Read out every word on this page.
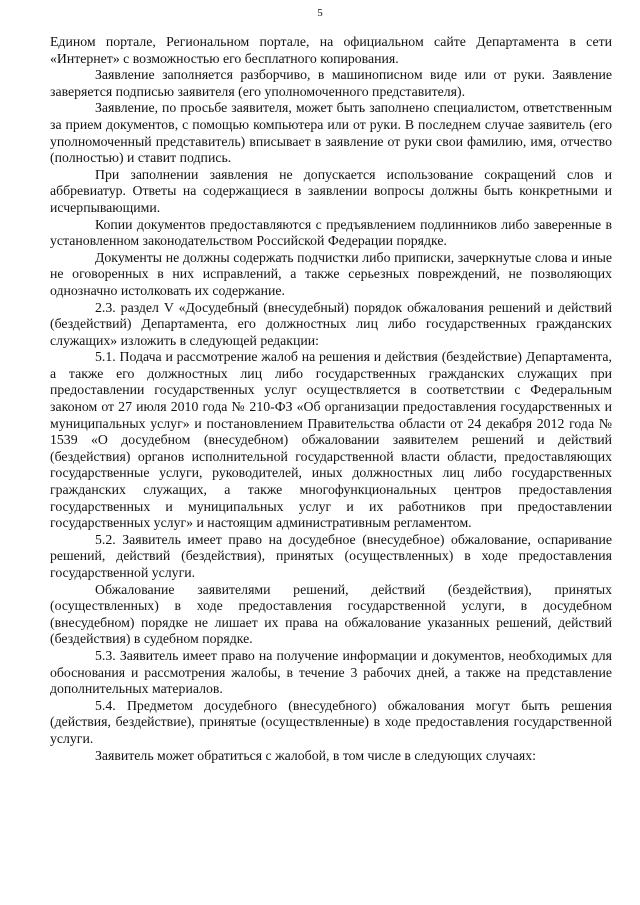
5

Едином портале, Региональном портале, на официальном сайте Департамента в сети «Интернет» с возможностью его бесплатного копирования.

Заявление заполняется разборчиво, в машинописном виде или от руки. Заявление заверяется подписью заявителя (его уполномоченного представителя).

Заявление, по просьбе заявителя, может быть заполнено специалистом, ответственным за прием документов, с помощью компьютера или от руки. В последнем случае заявитель (его уполномоченный представитель) вписывает в заявление от руки свои фамилию, имя, отчество (полностью) и ставит подпись.

При заполнении заявления не допускается использование сокращений слов и аббревиатур. Ответы на содержащиеся в заявлении вопросы должны быть конкретными и исчерпывающими.

Копии документов предоставляются с предъявлением подлинников либо заверенные в установленном законодательством Российской Федерации порядке.

Документы не должны содержать подчистки либо приписки, зачеркнутые слова и иные не оговоренных в них исправлений, а также серьезных повреждений, не позволяющих однозначно истолковать их содержание.

2.3. раздел V «Досудебный (внесудебный) порядок обжалования решений и действий (бездействий) Департамента, его должностных лиц либо государственных гражданских служащих» изложить в следующей редакции:

5.1. Подача и рассмотрение жалоб на решения и действия (бездействие) Департамента, а также его должностных лиц либо государственных гражданских служащих при предоставлении государственных услуг осуществляется в соответствии с Федеральным законом от 27 июля 2010 года № 210-ФЗ «Об организации предоставления государственных и муниципальных услуг» и постановлением Правительства области от 24 декабря 2012 года № 1539 «О досудебном (внесудебном) обжаловании заявителем решений и действий (бездействия) органов исполнительной государственной власти области, предоставляющих государственные услуги, руководителей, иных должностных лиц либо государственных гражданских служащих, а также многофункциональных центров предоставления государственных и муниципальных услуг и их работников при предоставлении государственных услуг» и настоящим административным регламентом.

5.2. Заявитель имеет право на досудебное (внесудебное) обжалование, оспаривание решений, действий (бездействия), принятых (осуществленных) в ходе предоставления государственной услуги.

Обжалование заявителями решений, действий (бездействия), принятых (осуществленных) в ходе предоставления государственной услуги, в досудебном (внесудебном) порядке не лишает их права на обжалование указанных решений, действий (бездействия) в судебном порядке.

5.3. Заявитель имеет право на получение информации и документов, необходимых для обоснования и рассмотрения жалобы, в течение 3 рабочих дней, а также на представление дополнительных материалов.

5.4. Предметом досудебного (внесудебного) обжалования могут быть решения (действия, бездействие), принятые (осуществленные) в ходе предоставления государственной услуги.

Заявитель может обратиться с жалобой, в том числе в следующих случаях:
